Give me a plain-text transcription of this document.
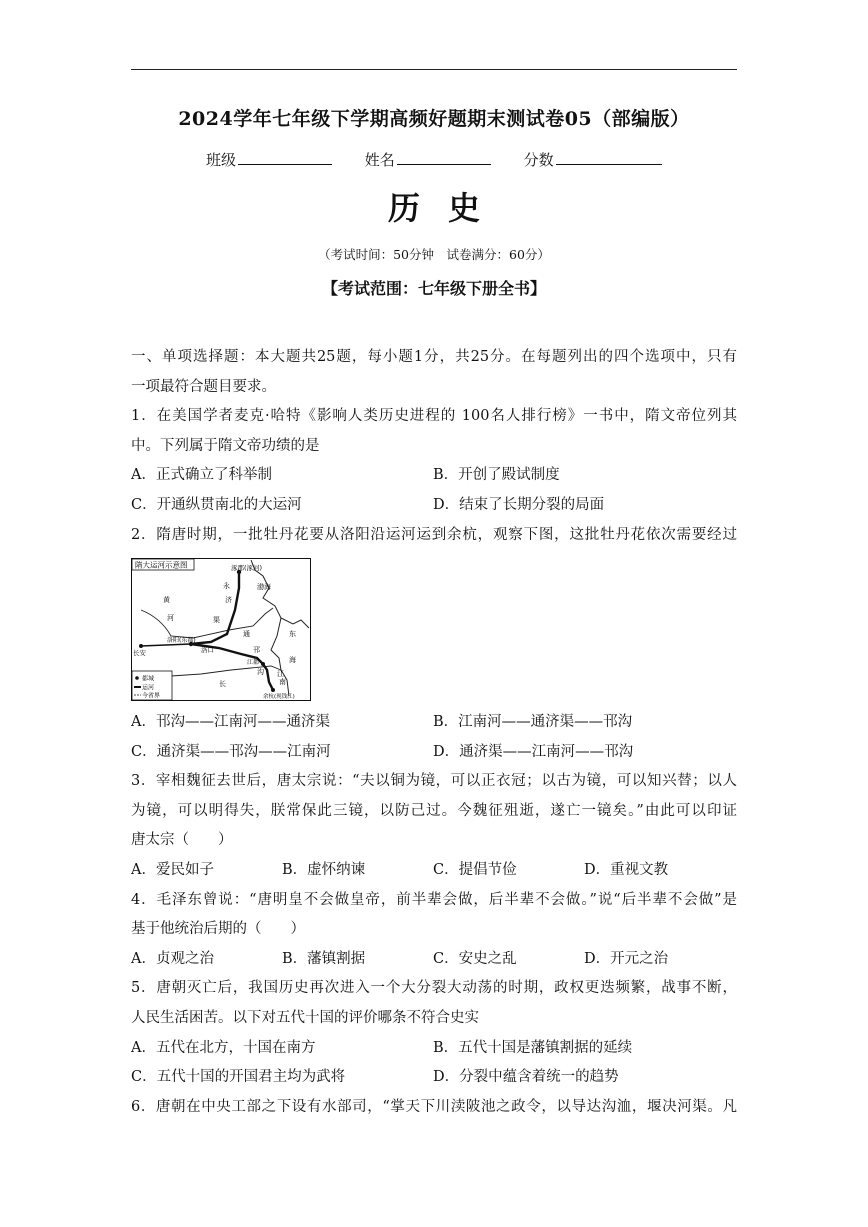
2024学年七年级下学期高频好题期末测试卷05（部编版）
班级	姓名	分数
历史
（考试时间：50分钟　试卷满分：60分）
【考试范围：七年级下册全书】
一、单项选择题：本大题共25题，每小题1分，共25分。在每题列出的四个选项中，只有
一项最符合题目要求。
1．在美国学者麦克·哈特《影响人类历史进程的 100名人排行榜》一书中，隋文帝位列其
中。下列属于隋文帝功绩的是
A．正式确立了科举制	B．开创了殿试制度
C．开通纵贯南北的大运河	D．结束了长期分裂的局面
2．隋唐时期，一批牡丹花要从洛阳沿运河运到余杭，观察下图，这批牡丹花依次需要经过
隋大运河示意图	涿郡(涿河)
永
济
渤海
黄
河	渠
通	东
海
长安
洛阳(东都)
洛口	邗
沟
江都
江
南
长
余杭(现钱江)
都城
运河
今省界
A．邗沟——江南河——通济渠	B．江南河——通济渠——邗沟
C．通济渠——邗沟——江南河	D．通济渠——江南河——邗沟
3．宰相魏征去世后，唐太宗说：“夫以铜为镜，可以正衣冠；以古为镜，可以知兴替；以人
为镜，可以明得失，朕常保此三镜，以防己过。今魏征殂逝，遂亡一镜矣。”由此可以印证
唐太宗（　　）
A．爱民如子	B．虚怀纳谏	C．提倡节俭	D．重视文教
4．毛泽东曾说：“唐明皇不会做皇帝，前半辈会做，后半辈不会做。”说“后半辈不会做”是
基于他统治后期的（　　）
A．贞观之治	B．藩镇割据	C．安史之乱	D．开元之治
5．唐朝灭亡后，我国历史再次进入一个大分裂大动荡的时期，政权更迭频繁，战事不断，
人民生活困苦。以下对五代十国的评价哪条不符合史实
A．五代在北方，十国在南方	B．五代十国是藩镇割据的延续
C．五代十国的开国君主均为武将	D．分裂中蕴含着统一的趋势
6．唐朝在中央工部之下设有水部司，“掌天下川渎陂池之政令，以导达沟洫，堰决河渠。凡
